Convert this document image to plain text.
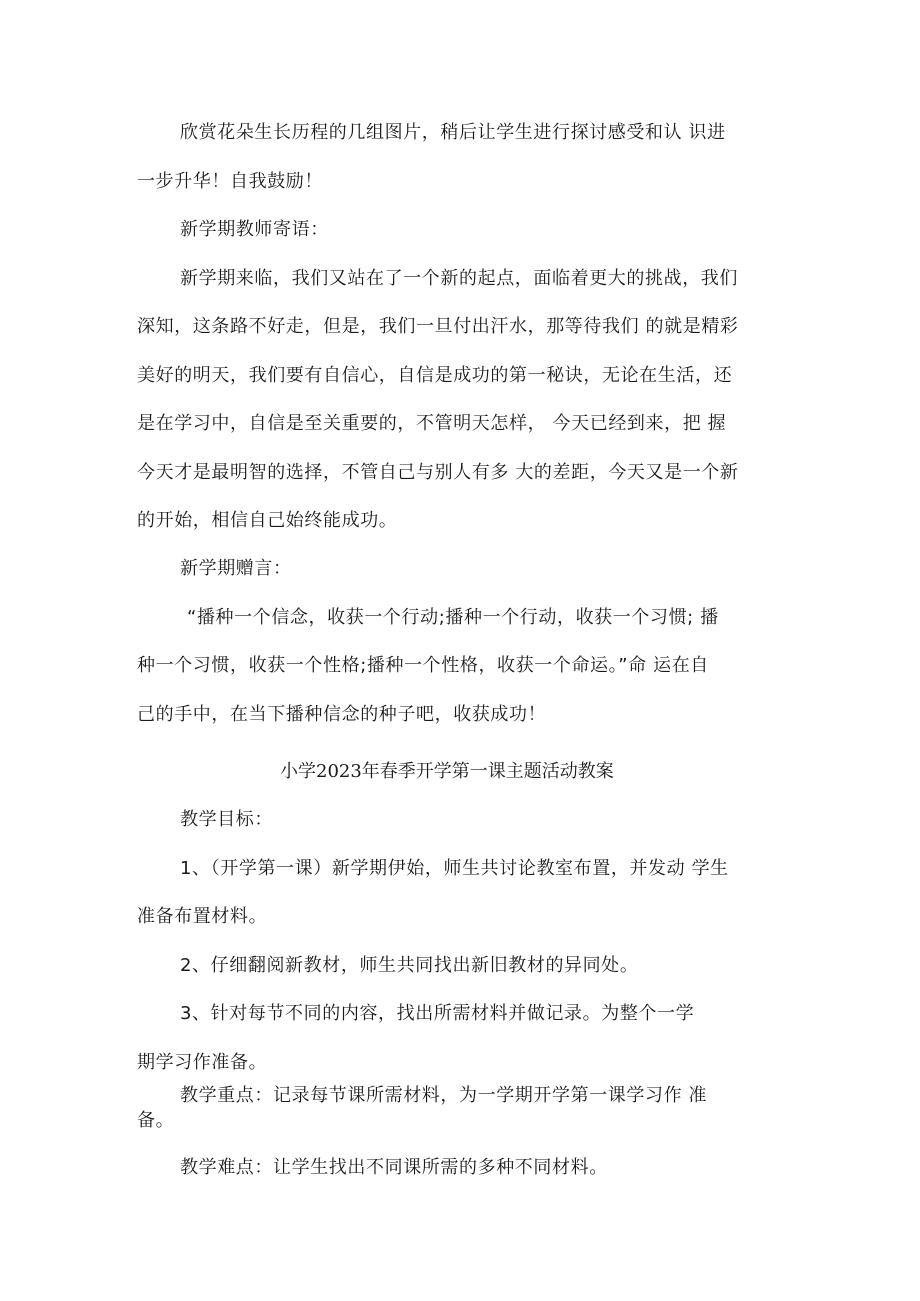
欣赏花朵生长历程的几组图片，稍后让学生进行探讨感受和认 识进
一步升华！自我鼓励！
新学期教师寄语：
新学期来临，我们又站在了一个新的起点，面临着更大的挑战，我们
深知，这条路不好走，但是，我们一旦付出汗水，那等待我们 的就是精彩
美好的明天，我们要有自信心，自信是成功的第一秘诀，无论在生活，还
是在学习中，自信是至关重要的，不管明天怎样， 今天已经到来，把 握
今天才是最明智的选择，不管自己与别人有多 大的差距，今天又是一个新
的开始，相信自己始终能成功。
新学期赠言：
“播种一个信念，收获一个行动;播种一个行动，收获一个习惯; 播
种一个习惯，收获一个性格;播种一个性格，收获一个命运。”命 运在自
己的手中，在当下播种信念的种子吧，收获成功！
小学2023年春季开学第一课主题活动教案
教学目标：
1、（开学第一课）新学期伊始，师生共讨论教室布置，并发动 学生
准备布置材料。
2、仔细翻阅新教材，师生共同找出新旧教材的异同处。
3、针对每节不同的内容，找出所需材料并做记录。为整个一学
期学习作准备。
教学重点：记录每节课所需材料，为一学期开学第一课学习作 准
备。
教学难点：让学生找出不同课所需的多种不同材料。
